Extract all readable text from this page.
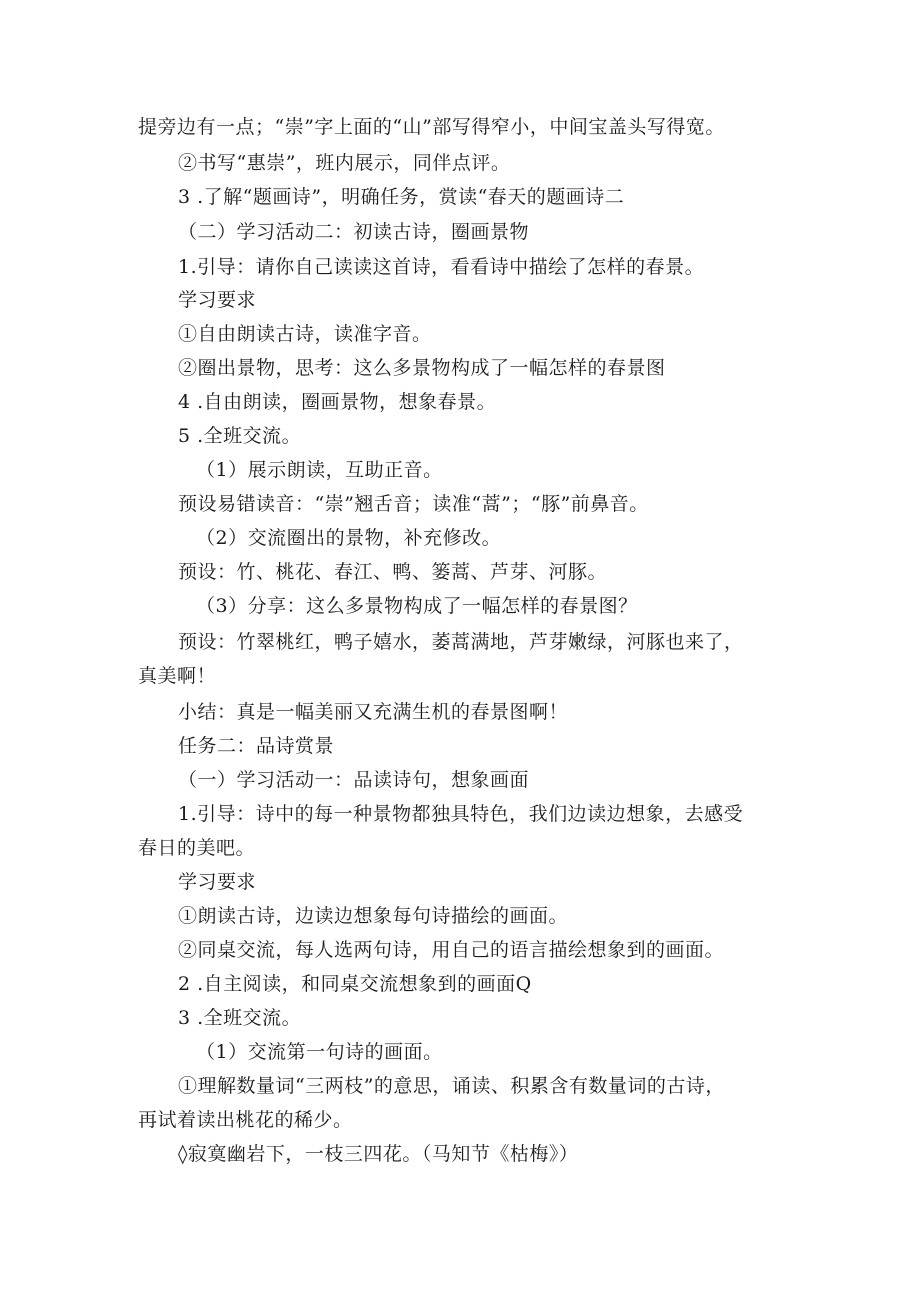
提旁边有一点；“崇”字上面的“山”部写得窄小，中间宝盖头写得宽。
②书写“惠崇”，班内展示，同伴点评。
3 .了解“题画诗”，明确任务，赏读“春天的题画诗二
（二）学习活动二：初读古诗，圈画景物
1.引导：请你自己读读这首诗，看看诗中描绘了怎样的春景。
学习要求
①自由朗读古诗，读准字音。
②圈出景物，思考：这么多景物构成了一幅怎样的春景图
4 .自由朗读，圈画景物，想象春景。
5 .全班交流。
（1）展示朗读，互助正音。
预设易错读音：“崇”翘舌音；读准“蒿”；“豚”前鼻音。
（2）交流圈出的景物，补充修改。
预设：竹、桃花、春江、鸭、篓蒿、芦芽、河豚。
（3）分享：这么多景物构成了一幅怎样的春景图？
预设：竹翠桃红，鸭子嬉水，萎蒿满地，芦芽嫩绿，河豚也来了，
真美啊！
小结：真是一幅美丽又充满生机的春景图啊！
任务二：品诗赏景
（一）学习活动一：品读诗句，想象画面
1.引导：诗中的每一种景物都独具特色，我们边读边想象，去感受
春日的美吧。
学习要求
①朗读古诗，边读边想象每句诗描绘的画面。
②同桌交流，每人选两句诗，用自己的语言描绘想象到的画面。
2 .自主阅读，和同桌交流想象到的画面Q
3 .全班交流。
（1）交流第一句诗的画面。
①理解数量词“三两枝”的意思，诵读、积累含有数量词的古诗，
再试着读出桃花的稀少。
◊寂寞幽岩下，一枝三四花。（马知节《枯梅》）
